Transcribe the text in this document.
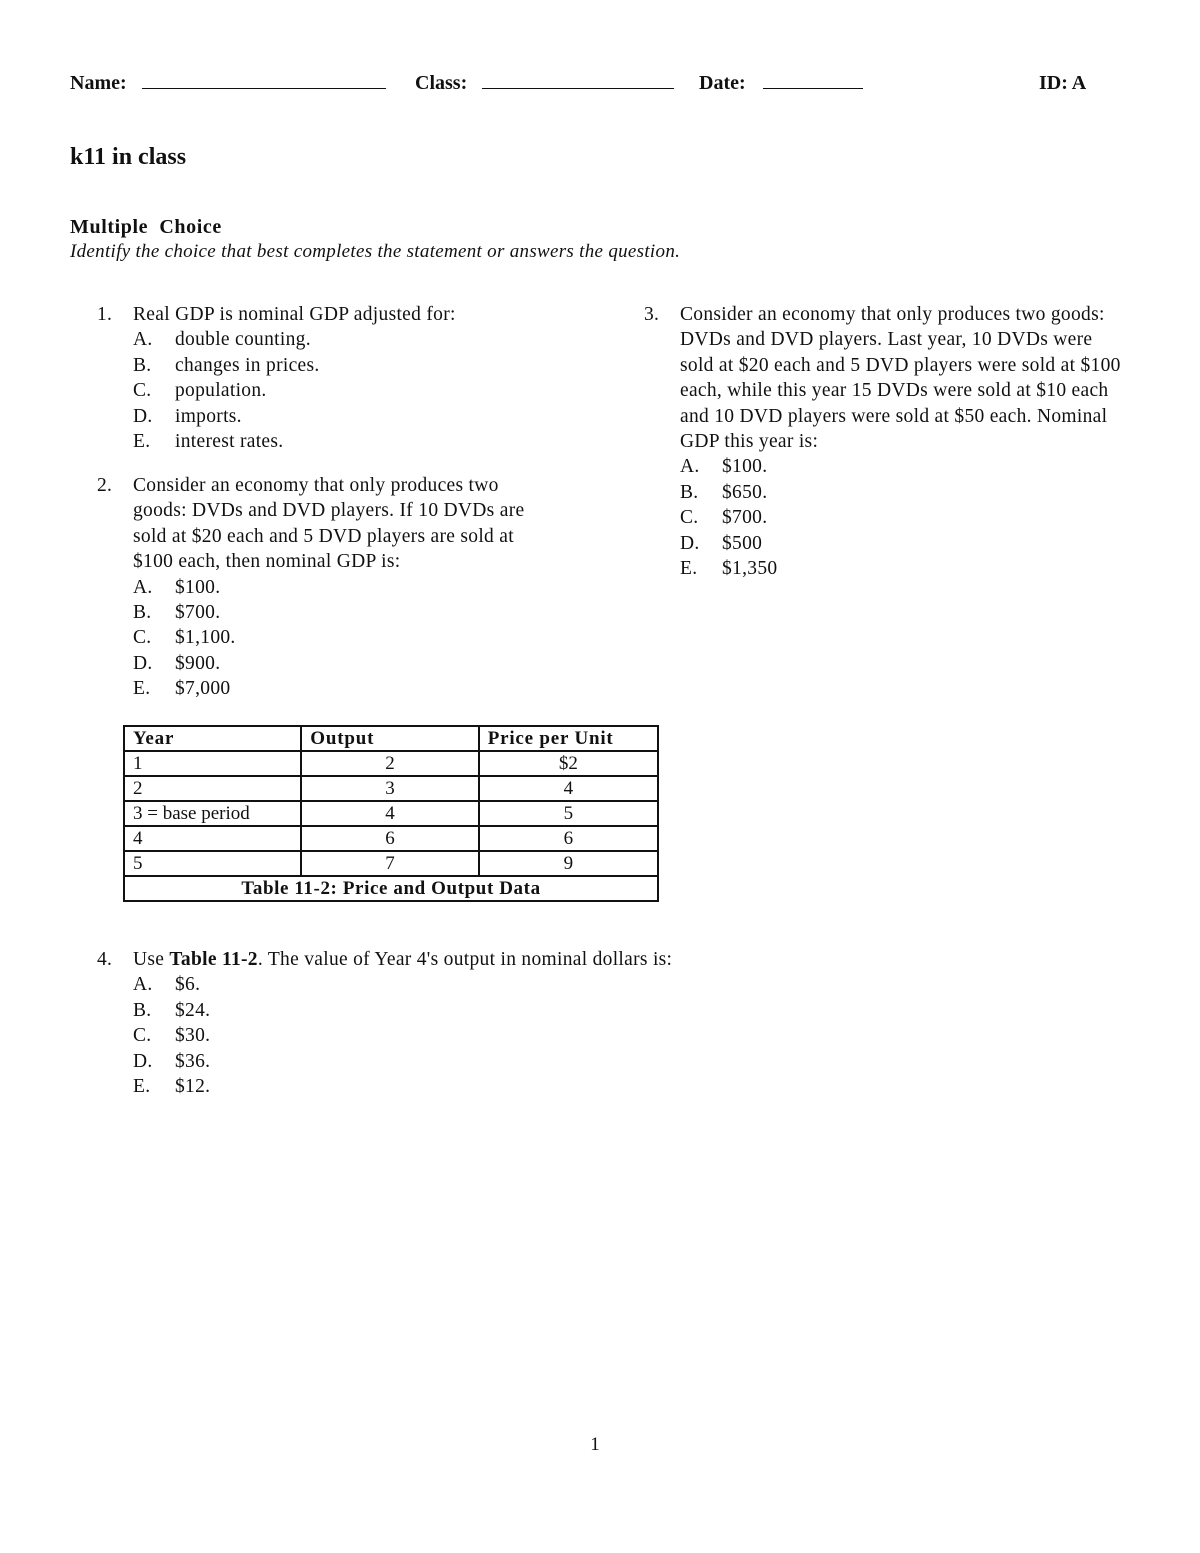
Name:	Class:	Date:	ID: A
k11 in class
Multiple  Choice
Identify the choice that best completes the statement or answers the question.
1. Real GDP is nominal GDP adjusted for:
A. double counting.
B. changes in prices.
C. population.
D. imports.
E. interest rates.
2. Consider an economy that only produces two goods: DVDs and DVD players. If 10 DVDs are sold at $20 each and 5 DVD players are sold at $100 each, then nominal GDP is:
A. $100.
B. $700.
C. $1,100.
D. $900.
E. $7,000
3. Consider an economy that only produces two goods: DVDs and DVD players. Last year, 10 DVDs were sold at $20 each and 5 DVD players were sold at $100 each, while this year 15 DVDs were sold at $10 each and 10 DVD players were sold at $50 each. Nominal GDP this year is:
A. $100.
B. $650.
C. $700.
D. $500
E. $1,350
Year	Output	Price per Unit
1	2	$2
2	3	4
3 = base period	4	5
4	6	6
5	7	9
Table 11-2: Price and Output Data		
4. Use Table 11-2. The value of Year 4's output in nominal dollars is:
A. $6.
B. $24.
C. $30.
D. $36.
E. $12.
1
